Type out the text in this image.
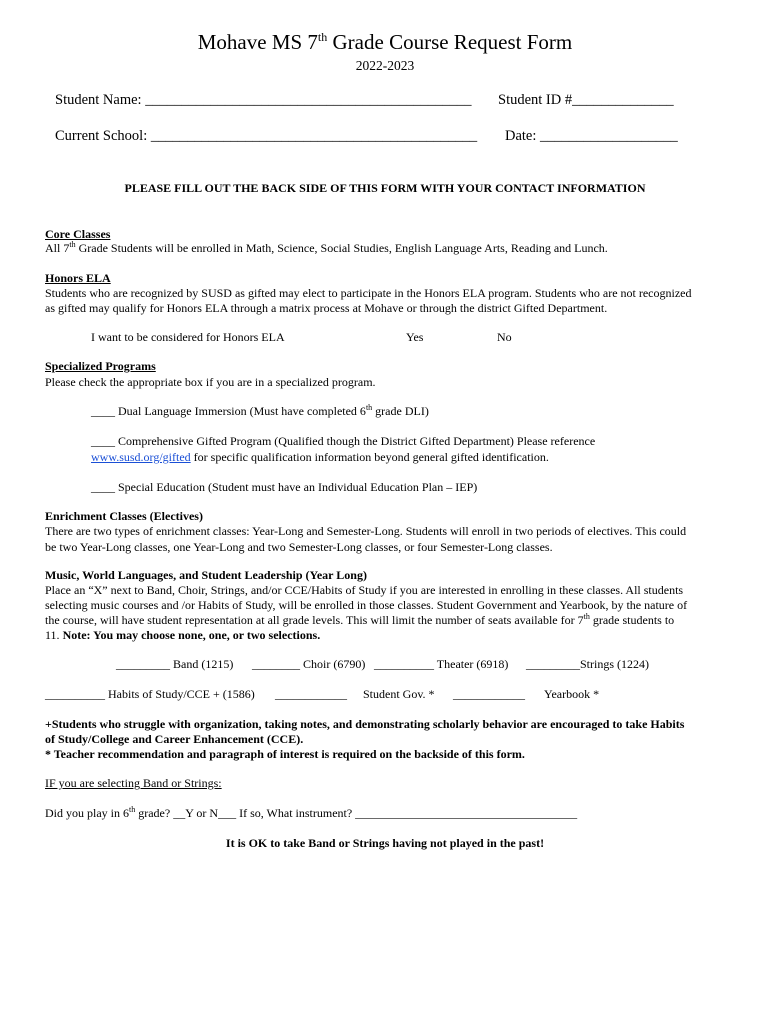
Mohave MS 7th Grade Course Request Form
2022-2023
Student Name: _____________________________________________ Student ID #______________
Current School: _____________________________________________ Date: ___________________
PLEASE FILL OUT THE BACK SIDE OF THIS FORM WITH YOUR CONTACT INFORMATION
Core Classes
All 7th Grade Students will be enrolled in Math, Science, Social Studies, English Language Arts, Reading and Lunch.
Honors ELA
Students who are recognized by SUSD as gifted may elect to participate in the Honors ELA program. Students who are not recognized
as gifted may qualify for Honors ELA through a matrix process at Mohave or through the district Gifted Department.
I want to be considered for Honors ELA	Yes	No
Specialized Programs
Please check the appropriate box if you are in a specialized program.
____ Dual Language Immersion (Must have completed 6th grade DLI)
____ Comprehensive Gifted Program (Qualified though the District Gifted Department) Please reference
www.susd.org/gifted for specific qualification information beyond general gifted identification.
____ Special Education (Student must have an Individual Education Plan – IEP)
Enrichment Classes (Electives)
There are two types of enrichment classes: Year-Long and Semester-Long. Students will enroll in two periods of electives. This could
be two Year-Long classes, one Year-Long and two Semester-Long classes, or four Semester-Long classes.
Music, World Languages, and Student Leadership (Year Long)
Place an “X” next to Band, Choir, Strings, and/or CCE/Habits of Study if you are interested in enrolling in these classes. All students
selecting music courses and /or Habits of Study, will be enrolled in those classes. Student Government and Yearbook, by the nature of
the course, will have student representation at all grade levels. This will limit the number of seats available for 7th grade students to
11. Note: You may choose none, one, or two selections.
_________ Band (1215) ________ Choir (6790) __________ Theater (6918) _________Strings (1224)
__________ Habits of Study/CCE + (1586) ____________ Student Gov. * ____________ Yearbook *
+Students who struggle with organization, taking notes, and demonstrating scholarly behavior are encouraged to take Habits
of Study/College and Career Enhancement (CCE).
* Teacher recommendation and paragraph of interest is required on the backside of this form.
IF you are selecting Band or Strings:
Did you play in 6th grade? __Y or N___ If so, What instrument? _____________________________________
It is OK to take Band or Strings having not played in the past!
